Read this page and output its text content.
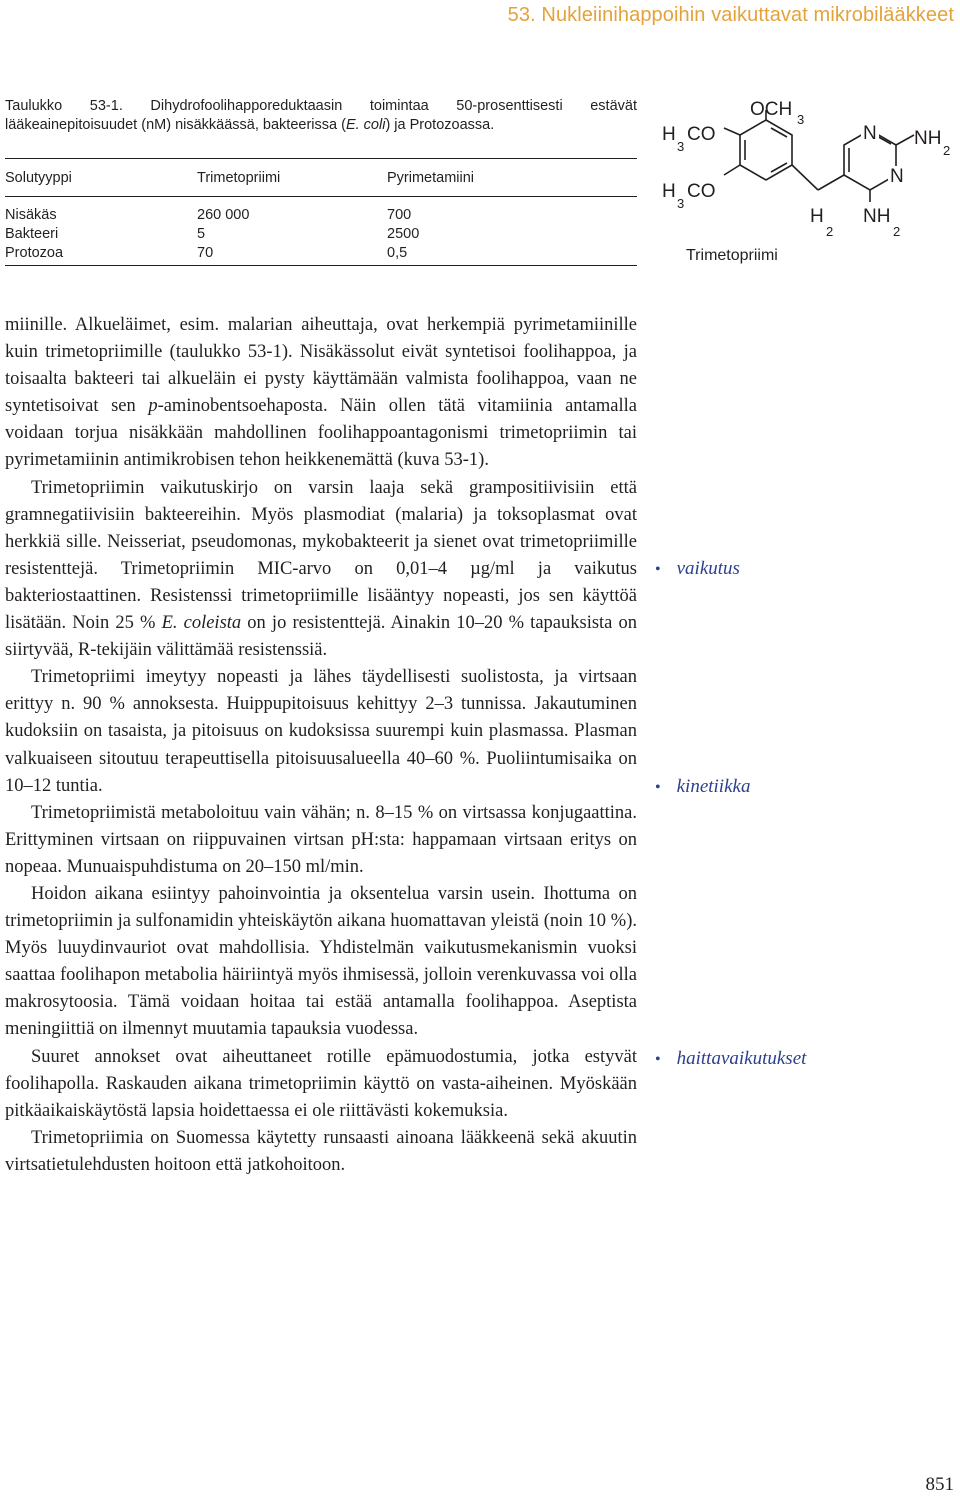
53. Nukleiinihappoihin vaikuttavat mikrobilääkkeet
Taulukko 53-1. Dihydrofoolihapporeduktaasin toimintaa 50-prosenttisesti estävät lääkeainepitoisuudet (nM) nisäkkäässä, bakteerissa (E. coli) ja Protozoassa.
Solutyyppi	Trimetopriimi	Pyrimetamiini
Nisäkäs	260 000	700
Bakteeri	5	2500
Protozoa	70	0,5
OCH 3
H
3
CO
H
3
CO
H
2
N
N
NH
2
NH
2
Trimetopriimi

miinille. Alkueläimet, esim. malarian aiheuttaja, ovat herkempiä pyrimetamiinille kuin trimetopriimille (taulukko 53-1). Nisäkässolut eivät syntetisoi foolihappoa, ja toisaalta bakteeri tai alkueläin ei pysty käyttämään valmista foolihappoa, vaan ne syntetisoivat sen p-aminobentsoehaposta. Näin ollen tätä vitamiinia antamalla voidaan torjua nisäkkään mahdollinen foolihappoantagonismi trimetopriimin tai pyrimetamiinin antimikrobisen tehon heikkenemättä (kuva 53-1).

Trimetopriimin vaikutuskirjo on varsin laaja sekä grampositiivisiin että gramnegatiivisiin bakteereihin. Myös plasmodiat (malaria) ja toksoplasmat ovat herkkiä sille. Neisseriat, pseudomonas, mykobakteerit ja sienet ovat trimetopriimille resistenttejä. Trimetopriimin MIC-arvo on 0,01–4 µg/ml ja vaikutus bakteriostaattinen. Resistenssi trimetopriimille lisääntyy nopeasti, jos sen käyttöä lisätään. Noin 25 % E. coleista on jo resistenttejä. Ainakin 10–20 % tapauksista on siirtyvää, R-tekijäin välittämää resistenssiä.

Trimetopriimi imeytyy nopeasti ja lähes täydellisesti suolistosta, ja virtsaan erittyy n. 90 % annoksesta. Huippupitoisuus kehittyy 2–3 tunnissa. Jakautuminen kudoksiin on tasaista, ja pitoisuus on kudoksissa suurempi kuin plasmassa. Plasman valkuaiseen sitoutuu terapeuttisella pitoisuusalueella 40–60 %. Puoliintumisaika on 10–12 tuntia.

Trimetopriimistä metaboloituu vain vähän; n. 8–15 % on virtsassa konjugaattina. Erittyminen virtsaan on riippuvainen virtsan pH:sta: happamaan virtsaan eritys on nopeaa. Munuaispuhdistuma on 20–150 ml/min.

Hoidon aikana esiintyy pahoinvointia ja oksentelua varsin usein. Ihottuma on trimetopriimin ja sulfonamidin yhteiskäytön aikana huomattavan yleistä (noin 10 %). Myös luuydinvauriot ovat mahdollisia. Yhdistelmän vaikutusmekanismin vuoksi saattaa foolihapon metabolia häiriintyä myös ihmisessä, jolloin verenkuvassa voi olla makrosytoosia. Tämä voidaan hoitaa tai estää antamalla foolihappoa. Aseptista meningiittiä on ilmennyt muutamia tapauksia vuodessa.

Suuret annokset ovat aiheuttaneet rotille epämuodostumia, jotka estyvät foolihapolla. Raskauden aikana trimetopriimin käyttö on vasta-aiheinen. Myöskään pitkäaikaiskäytöstä lapsia hoidettaessa ei ole riittävästi kokemuksia.

Trimetopriimia on Suomessa käytetty runsaasti ainoana lääkkeenä sekä akuutin virtsatietulehdusten hoitoon että jatkohoitoon.

• vaikutus
• kinetiikka
• haittavaikutukset
851
